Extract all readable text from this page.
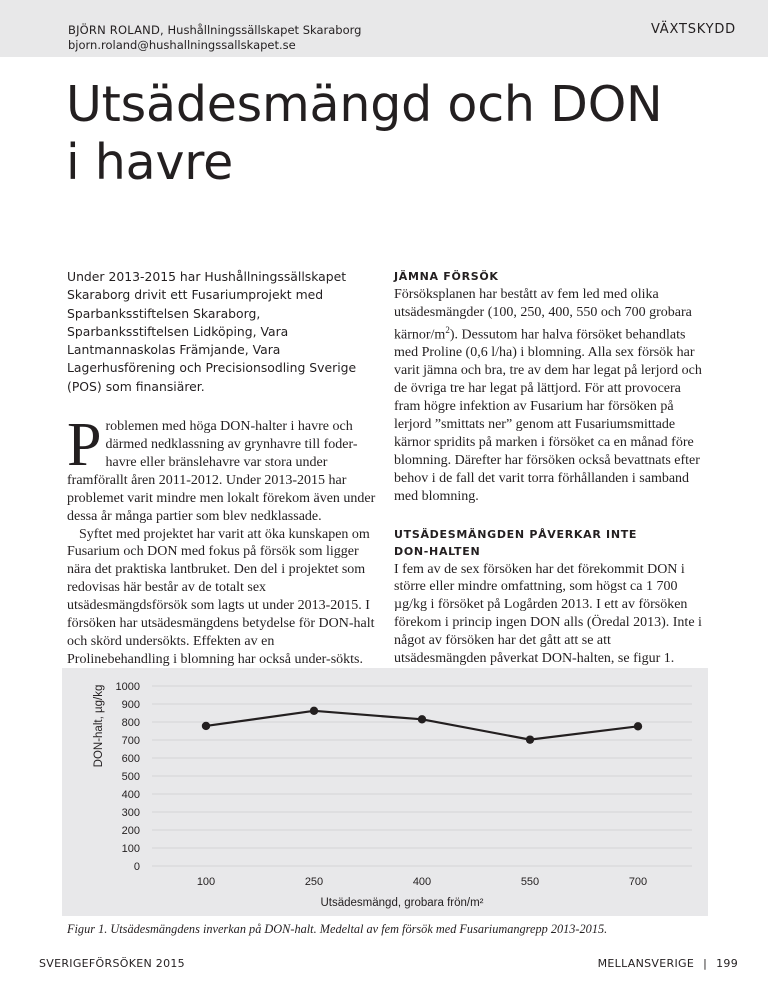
BJÖRN ROLAND, Hushållningssällskapet Skaraborg
bjorn.roland@hushallningssallskapet.se
VÄXTSKYDD
Utsädesmängd och DON
i havre

Under 2013-2015 har Hushållningssällskapet Skaraborg drivit ett Fusariumprojekt med Sparbanksstiftelsen Skaraborg, Sparbanksstiftelsen Lidköping, Vara Lantmannaskolas Främjande, Vara Lagerhusförening och Precisionsodling Sverige (POS) som finansiärer.

Problemen med höga DON-halter i havre och därmed nedklassning av grynhavre till foder-havre eller bränslehavre var stora under framförallt åren 2011-2012. Under 2013-2015 har problemet varit mindre men lokalt förekom även under dessa år många partier som blev nedklassade.

Syftet med projektet har varit att öka kunskapen om Fusarium och DON med fokus på försök som ligger nära det praktiska lantbruket. Den del i projektet som redovisas här består av de totalt sex utsädesmängdsförsök som lagts ut under 2013-2015. I försöken har utsädesmängdens betydelse för DON-halt och skörd undersökts. Effekten av en Prolinebehandling i blomning har också under-sökts.

JÄMNA FÖRSÖK

Försöksplanen har bestått av fem led med olika utsädesmängder (100, 250, 400, 550 och 700 grobara kärnor/$m^2$). Dessutom har halva försöket behandlats med Proline (0,6 l/ha) i blomning. Alla sex försök har varit jämna och bra, tre av dem har legat på lerjord och de övriga tre har legat på lättjord. För att provocera fram högre infektion av Fusarium har försöken på lerjord ”smittats ner” genom att Fusariumsmittade kärnor spridits på marken i försöket ca en månad före blomning. Därefter har försöken också bevattnats efter behov i de fall det varit torra förhållanden i samband med blomning.

UTSÄDESMÄNGDEN PÅVERKAR INTE
DON-HALTEN

I fem av de sex försöken har det förekommit DON i större eller mindre omfattning, som högst ca 1 700 µg/kg i försöket på Logården 2013. I ett av försöken förekom i princip ingen DON alls (Öredal 2013). Inte i något av försöken har det gått att se att utsädesmängden påverkat DON-halten, se figur 1.

0
100
200
300
400
500
600
700
800
900
1000
100	250	400	550	700
Utsädesmängd, grobara frön/m²
DON-halt, µg/kg
Figur 1. Utsädesmängdens inverkan på DON-halt. Medeltal av fem försök med Fusariumangrepp 2013-2015.
SVERIGEFÖRSÖKEN 2015	MELLANSVERIGE | 199
